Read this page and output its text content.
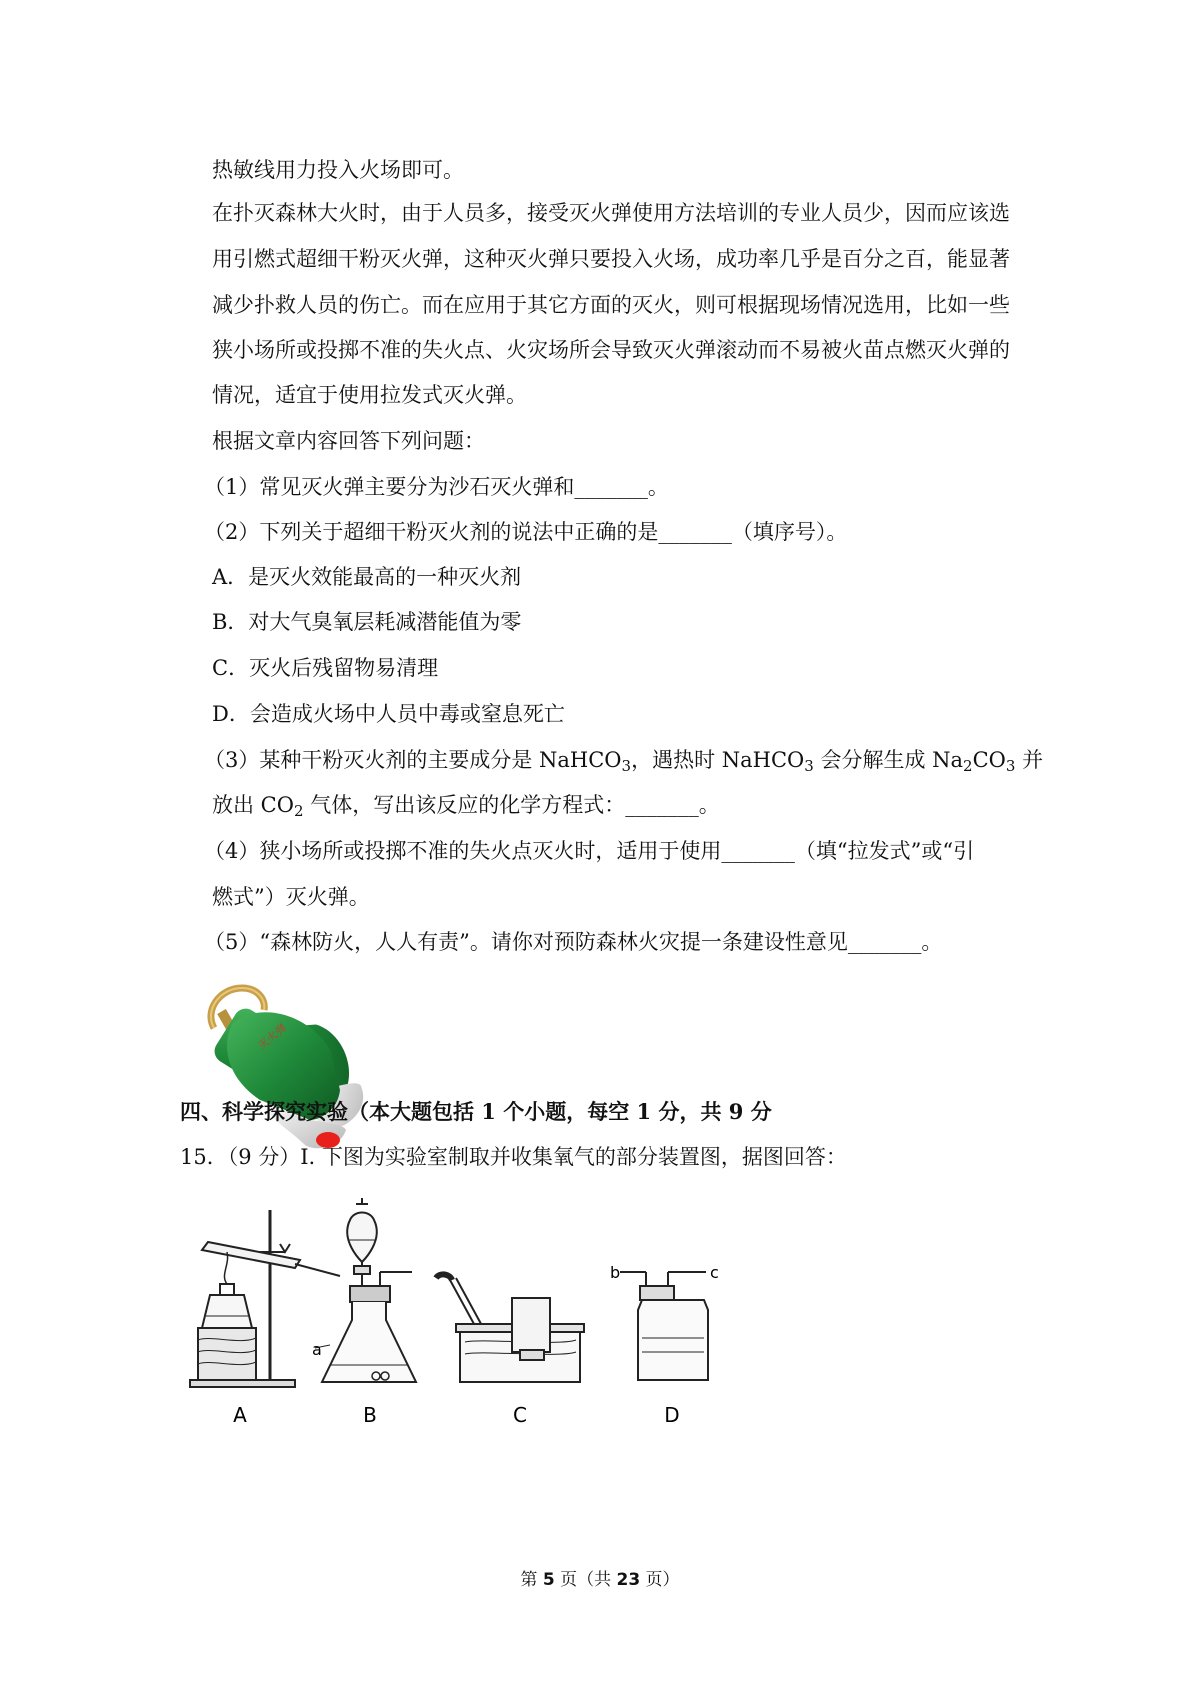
热敏线用力投入火场即可。
在扑灭森林大火时，由于人员多，接受灭火弹使用方法培训的专业人员少，因而应该选
用引燃式超细干粉灭火弹，这种灭火弹只要投入火场，成功率几乎是百分之百，能显著
减少扑救人员的伤亡。而在应用于其它方面的灭火，则可根据现场情况选用，比如一些
狭小场所或投掷不准的失火点、火灾场所会导致灭火弹滚动而不易被火苗点燃灭火弹的
情况，适宜于使用拉发式灭火弹。
根据文章内容回答下列问题：
（1）常见灭火弹主要分为沙石灭火弹和_______。
（2）下列关于超细干粉灭火剂的说法中正确的是_______（填序号）。
A．是灭火效能最高的一种灭火剂
B．对大气臭氧层耗减潜能值为零
C．灭火后残留物易清理
D．会造成火场中人员中毒或窒息死亡
（3）某种干粉灭火剂的主要成分是 NaHCO$_3$，遇热时 NaHCO$_3$ 会分解生成 $Na_2CO_3$ 并
放出 $CO_2$ 气体，写出该反应的化学方程式：_______。
（4）狭小场所或投掷不准的失火点灭火时，适用于使用_______（填“拉发式”或“引
燃式”）灭火弹。
（5）“森林防火，人人有责”。请你对预防森林火灾提一条建设性意见_______。
灭火弹
四、科学探究实验（本大题包括 1 个小题，每空 1 分，共 9 分
15．（9 分）I. 下图为实验室制取并收集氧气的部分装置图，据图回答：
A
a
B	C
b	c
D
第 5 页（共 23 页）
